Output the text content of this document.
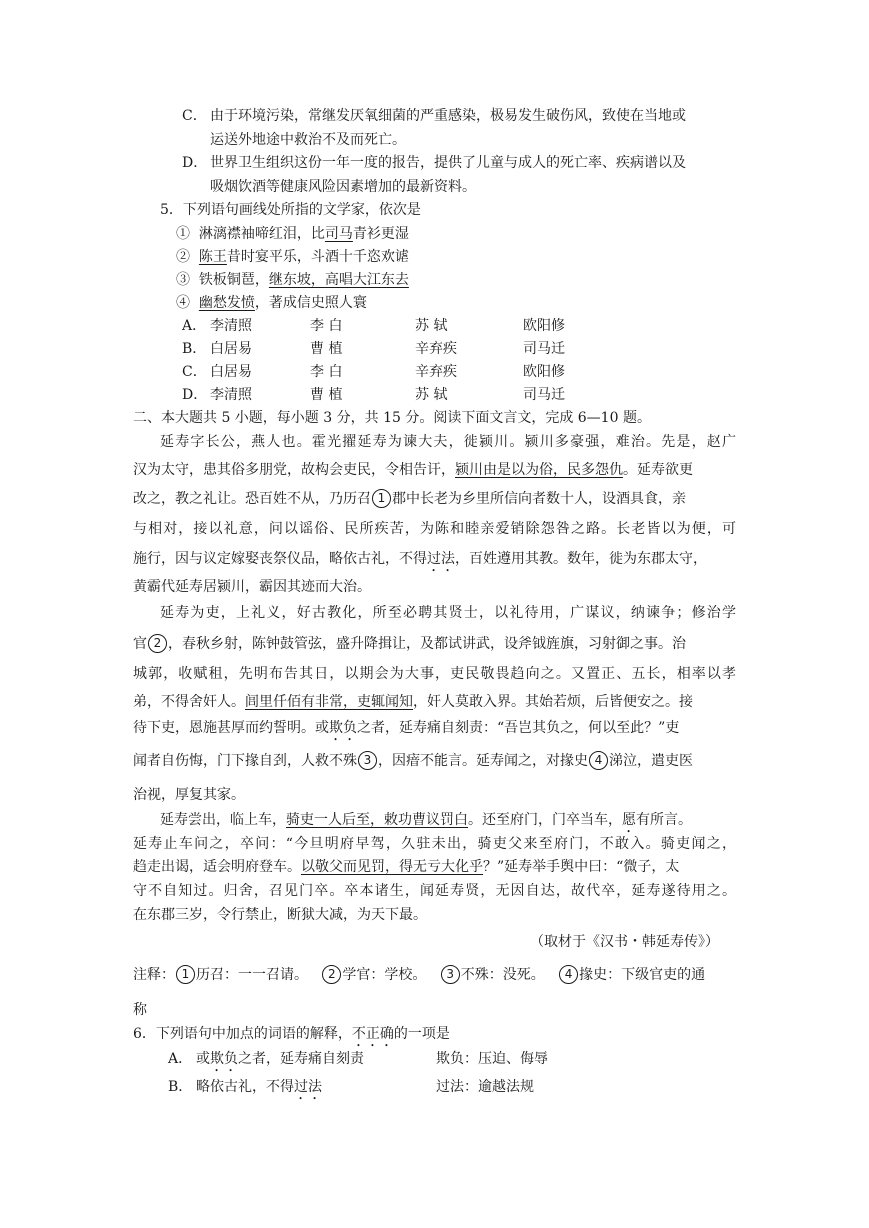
C． 由于环境污染，常继发厌氧细菌的严重感染，极易发生破伤风，致使在当地或
运送外地途中救治不及而死亡。
D． 世界卫生组织这份一年一度的报告，提供了儿童与成人的死亡率、疾病谱以及
吸烟饮酒等健康风险因素增加的最新资料。
5．下列语句画线处所指的文学家，依次是
① 淋漓襟袖啼红泪，比司马青衫更湿
② 陈王昔时宴平乐，斗酒十千恣欢谑
③ 铁板铜琶，继东坡，高唱大江东去
④ 幽愁发愤，著成信史照人寰
A． 李清照	李 白	苏 轼	欧阳修
B． 白居易	曹 植	辛弃疾	司马迁
C． 白居易	李 白	辛弃疾	欧阳修
D． 李清照	曹 植	苏 轼	司马迁
二、本大题共 5 小题，每小题 3 分，共 15 分。阅读下面文言文，完成 6—10 题。
延寿字长公，燕人也。霍光擢延寿为谏大夫，徙颍川。颍川多豪强，难治。先是，赵广
汉为太守，患其俗多朋党，故构会吏民，令相告讦，颍川由是以为俗，民多怨仇。延寿欲更
改之，教之礼让。恐百姓不从，乃历召 1 郡中长老为乡里所信向者数十人，设酒具食，亲
与相对，接以礼意，问以谣俗、民所疾苦，为陈和睦亲爱销除怨咎之路。长老皆以为便，可
施行，因与议定嫁娶丧祭仪品，略依古礼，不得过法，百姓遵用其教。数年，徙为东郡太守，
黄霸代延寿居颍川，霸因其迹而大治。
延寿为吏，上礼义，好古教化，所至必聘其贤士，以礼待用，广谋议，纳谏争；修治学
官 2 ，春秋乡射，陈钟鼓管弦，盛升降揖让，及都试讲武，设斧钺旌旗，习射御之事。治
城郭，收赋租，先明布告其日，以期会为大事，吏民敬畏趋向之。又置正、五长，相率以孝
弟，不得舍奸人。闾里仟佰有非常，吏辄闻知，奸人莫敢入界。其始若烦，后皆便安之。接
待下吏，恩施甚厚而约誓明。或欺负之者，延寿痛自刻责：“吾岂其负之，何以至此？”吏
闻者自伤悔，门下掾自刭，人救不殊 3 ，因瘖不能言。延寿闻之，对掾史 4 涕泣，遣吏医
治视，厚复其家。
延寿尝出，临上车，骑吏一人后至，敕功曹议罚白。还至府门，门卒当车，愿有所言。
延寿止车问之，卒问：“今旦明府早驾，久驻未出，骑吏父来至府门，不敢入。骑吏闻之，
趋走出谒，适会明府登车。以敬父而见罚，得无亏大化乎？”延寿举手舆中曰：“微子，太
守不自知过。归舍，召见门卒。卒本诸生，闻延寿贤，无因自达，故代卒，延寿遂待用之。
在东郡三岁，令行禁止，断狱大减，为天下最。
（取材于《汉书・韩延寿传》）
注释： 1 历召：一一召请。 2 学官：学校。 3 不殊：没死。 4 掾史：下级官吏的通
称
6．下列语句中加点的词语的解释，不正确的一项是
A． 或欺负之者，延寿痛自刻责	欺负：压迫、侮辱
B． 略依古礼，不得过法	过法：逾越法规
